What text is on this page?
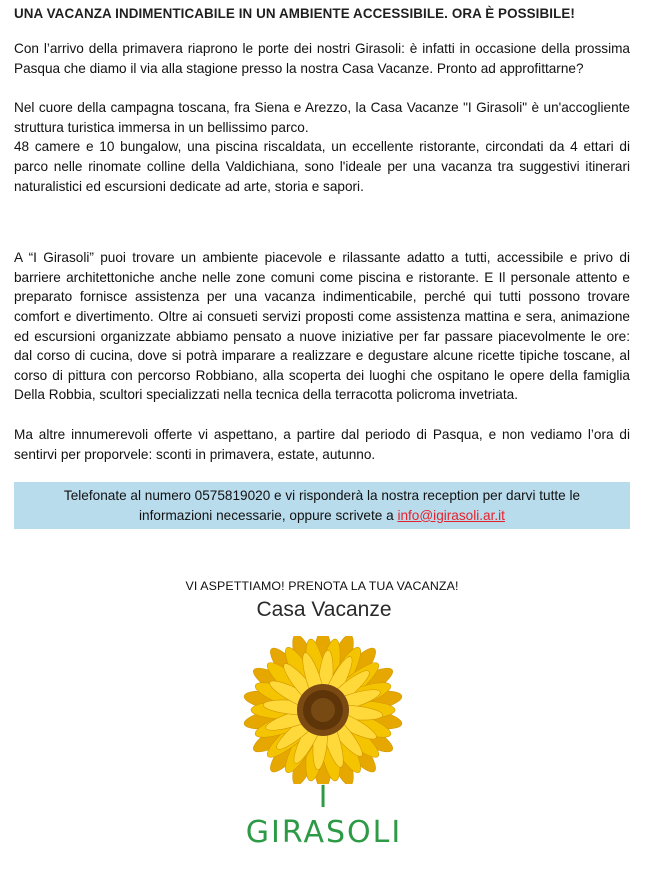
UNA VACANZA INDIMENTICABILE IN UN AMBIENTE ACCESSIBILE. ORA È POSSIBILE!

Con l’arrivo della primavera riaprono le porte dei nostri Girasoli: è infatti in occasione della prossima Pasqua che diamo il via alla stagione presso la nostra Casa Vacanze. Pronto ad approfittarne?

Nel cuore della campagna toscana, fra Siena e Arezzo, la Casa Vacanze "I Girasoli" è un'accogliente struttura turistica immersa in un bellissimo parco.

48 camere e 10 bungalow, una piscina riscaldata, un eccellente ristorante, circondati da 4 ettari di parco nelle rinomate colline della Valdichiana, sono l'ideale per una vacanza tra suggestivi itinerari naturalistici ed escursioni dedicate ad arte, storia e sapori.

A “I Girasoli” puoi trovare un ambiente piacevole e rilassante adatto a tutti, accessibile e privo di barriere architettoniche anche nelle zone comuni come piscina e ristorante. E Il personale attento e preparato fornisce assistenza per una vacanza indimenticabile, perché qui tutti possono trovare comfort e divertimento. Oltre ai consueti servizi proposti come assistenza mattina e sera, animazione ed escursioni organizzate abbiamo pensato a nuove iniziative per far passare piacevolmente le ore: dal corso di cucina, dove si potrà imparare a realizzare e degustare alcune ricette tipiche toscane, al corso di pittura con percorso Robbiano, alla scoperta dei luoghi che ospitano le opere della famiglia Della Robbia, scultori specializzati nella tecnica della terracotta policroma invetriata.

Ma altre innumerevoli offerte vi aspettano, a partire dal periodo di Pasqua, e non vediamo l’ora di sentirvi per proporvele: sconti in primavera, estate, autunno.

Telefonate al numero 0575819020 e vi risponderà la nostra reception per darvi tutte le informazioni necessarie, oppure scrivete a info@igirasoli.ar.it
VI ASPETTIAMO! PRENOTA LA TUA VACANZA!
Casa Vacanze
I GIRASOLI
